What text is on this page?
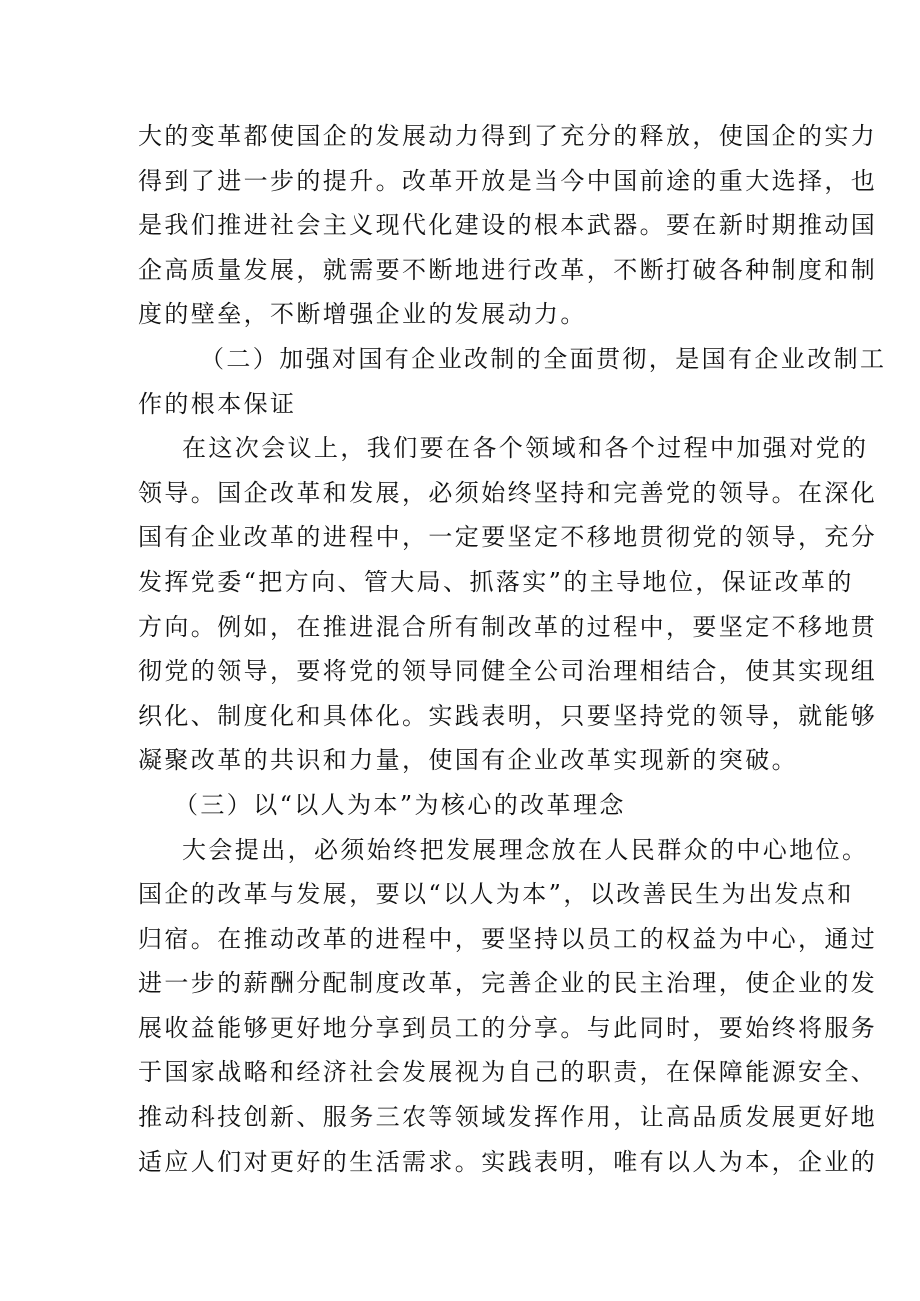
大的变革都使国企的发展动力得到了充分的释放，使国企的实力
得到了进一步的提升。改革开放是当今中国前途的重大选择，也
是我们推进社会主义现代化建设的根本武器。要在新时期推动国
企高质量发展，就需要不断地进行改革，不断打破各种制度和制
度的壁垒，不断增强企业的发展动力。
（二）加强对国有企业改制的全面贯彻，是国有企业改制工
作的根本保证
在这次会议上，我们要在各个领域和各个过程中加强对党的
领导。国企改革和发展，必须始终坚持和完善党的领导。在深化
国有企业改革的进程中，一定要坚定不移地贯彻党的领导，充分
发挥党委“把方向、管大局、抓落实”的主导地位，保证改革的
方向。例如，在推进混合所有制改革的过程中，要坚定不移地贯
彻党的领导，要将党的领导同健全公司治理相结合，使其实现组
织化、制度化和具体化。实践表明，只要坚持党的领导，就能够
凝聚改革的共识和力量，使国有企业改革实现新的突破。
（三）以“以人为本”为核心的改革理念
大会提出，必须始终把发展理念放在人民群众的中心地位。
国企的改革与发展，要以“以人为本”，以改善民生为出发点和
归宿。在推动改革的进程中，要坚持以员工的权益为中心，通过
进一步的薪酬分配制度改革，完善企业的民主治理，使企业的发
展收益能够更好地分享到员工的分享。与此同时，要始终将服务
于国家战略和经济社会发展视为自己的职责，在保障能源安全、
推动科技创新、服务三农等领域发挥作用，让高品质发展更好地
适应人们对更好的生活需求。实践表明，唯有以人为本，企业的
